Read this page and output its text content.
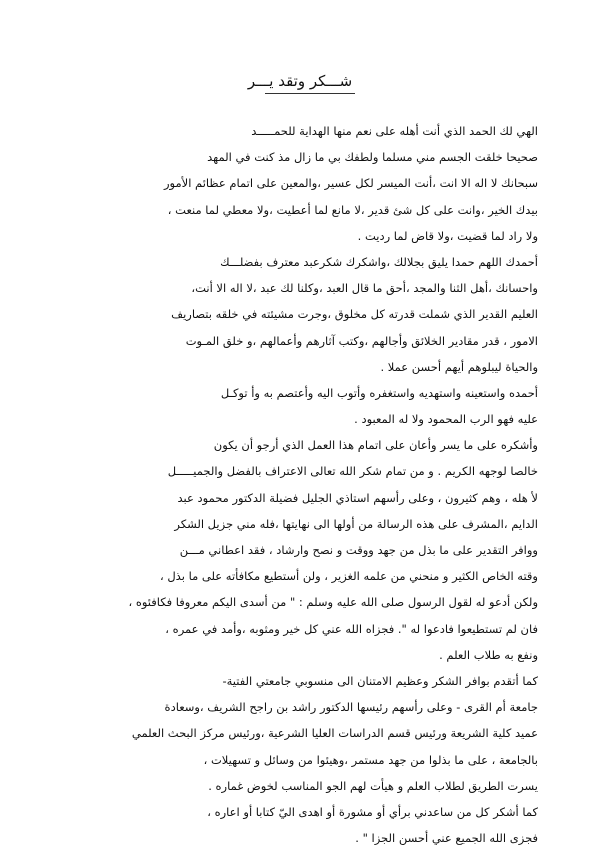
شـــكر وتقد يـــر
الهي لك الحمد الذي أنت أهله على نعم منها الهداية للحمـــــد
صحيحا خلقت الجسم مني مسلما ولطفك بي ما زال مذ كنت في المهد
سبحانك لا اله الا انت ،أنت الميسر لكل عسير ،والمعين على اتمام عظائم الأمور
بيدك الخير ،وانت على كل شئ قدير ،لا مانع لما أعطيت ،ولا معطي لما منعت ،
ولا راد لما قضيت ،ولا قاض لما رديت .
أحمدك اللهم حمدا يليق بجلالك ،واشكرك شكرعبد معترف بفضلـــك
واحسانك ،أهل الثنا والمجد ،أحق ما قال العبد ،وكلنا لك عبد ،لا اله الا أنت،
العليم القدير الذي شملت قدرته كل مخلوق ،وجرت مشيئته في خلقه بتصاريف
الامور ، قدر مقادير الخلائق وأجالهم ،وكتب آثارهم وأعمالهم ،و خلق المـوت
والحياة ليبلوهم أيهم أحسن عملا .
أحمده واستعينه واستهديه واستغفره وأتوب اليه وأعتصم به وأ توكـل
عليه فهو الرب المحمود ولا له المعبود .
وأشكره على ما يسر وأعان على اتمام هذا العمل الذي أرجو أن يكون
خالصا لوجهه الكريم . و من تمام شكر الله تعالى الاعتراف بالفضل والجميـــــل
لأ هله ، وهم كثيرون ، وعلى رأسهم استاذي الجليل فضيلة الدكتور محمود عبد
الدايم ،المشرف على هذه الرسالة من أولها الى نهايتها ،فله مني جزيل الشكر
ووافر التقدير على ما بذل من جهد ووقت و نصح وارشاد ، فقد اعطاني مـــن
وقته الخاص الكثير و منحني من علمه الغزير ، ولن أستطيع مكافأته على ما بذل ،
ولكن أدعو له لقول الرسول صلى الله عليه وسلم : " من أسدى اليكم معروفا فكافئوه ،
فان لم تستطيعوا فادعوا له ". فجزاه الله عني كل خير ومثوبه ،وأمد في عمره ،
ونفع به طلاب العلم .
كما أتقدم بوافر الشكر وعظيم الامتنان الى منسوبي جامعتي الفتية-
جامعة أم القرى - وعلى رأسهم رئيسها الدكتور راشد بن راجح الشريف ،وسعادة
عميد كلية الشريعة ورئيس قسم الدراسات العليا الشرعية ،ورئيس مركز البحث العلمي
بالجامعة ، على ما بذلوا من جهد مستمر ،وهيئوا من وسائل و تسهيلات ،
يسرت الطريق لطلاب العلم و هيأت لهم الجو المناسب لخوض غماره .
كما أشكر كل من ساعدني برأي أو مشورة أو اهدى اليّ كتابا أو اعاره ،
فجزى الله الجميع عني أحسن الجزا " .
